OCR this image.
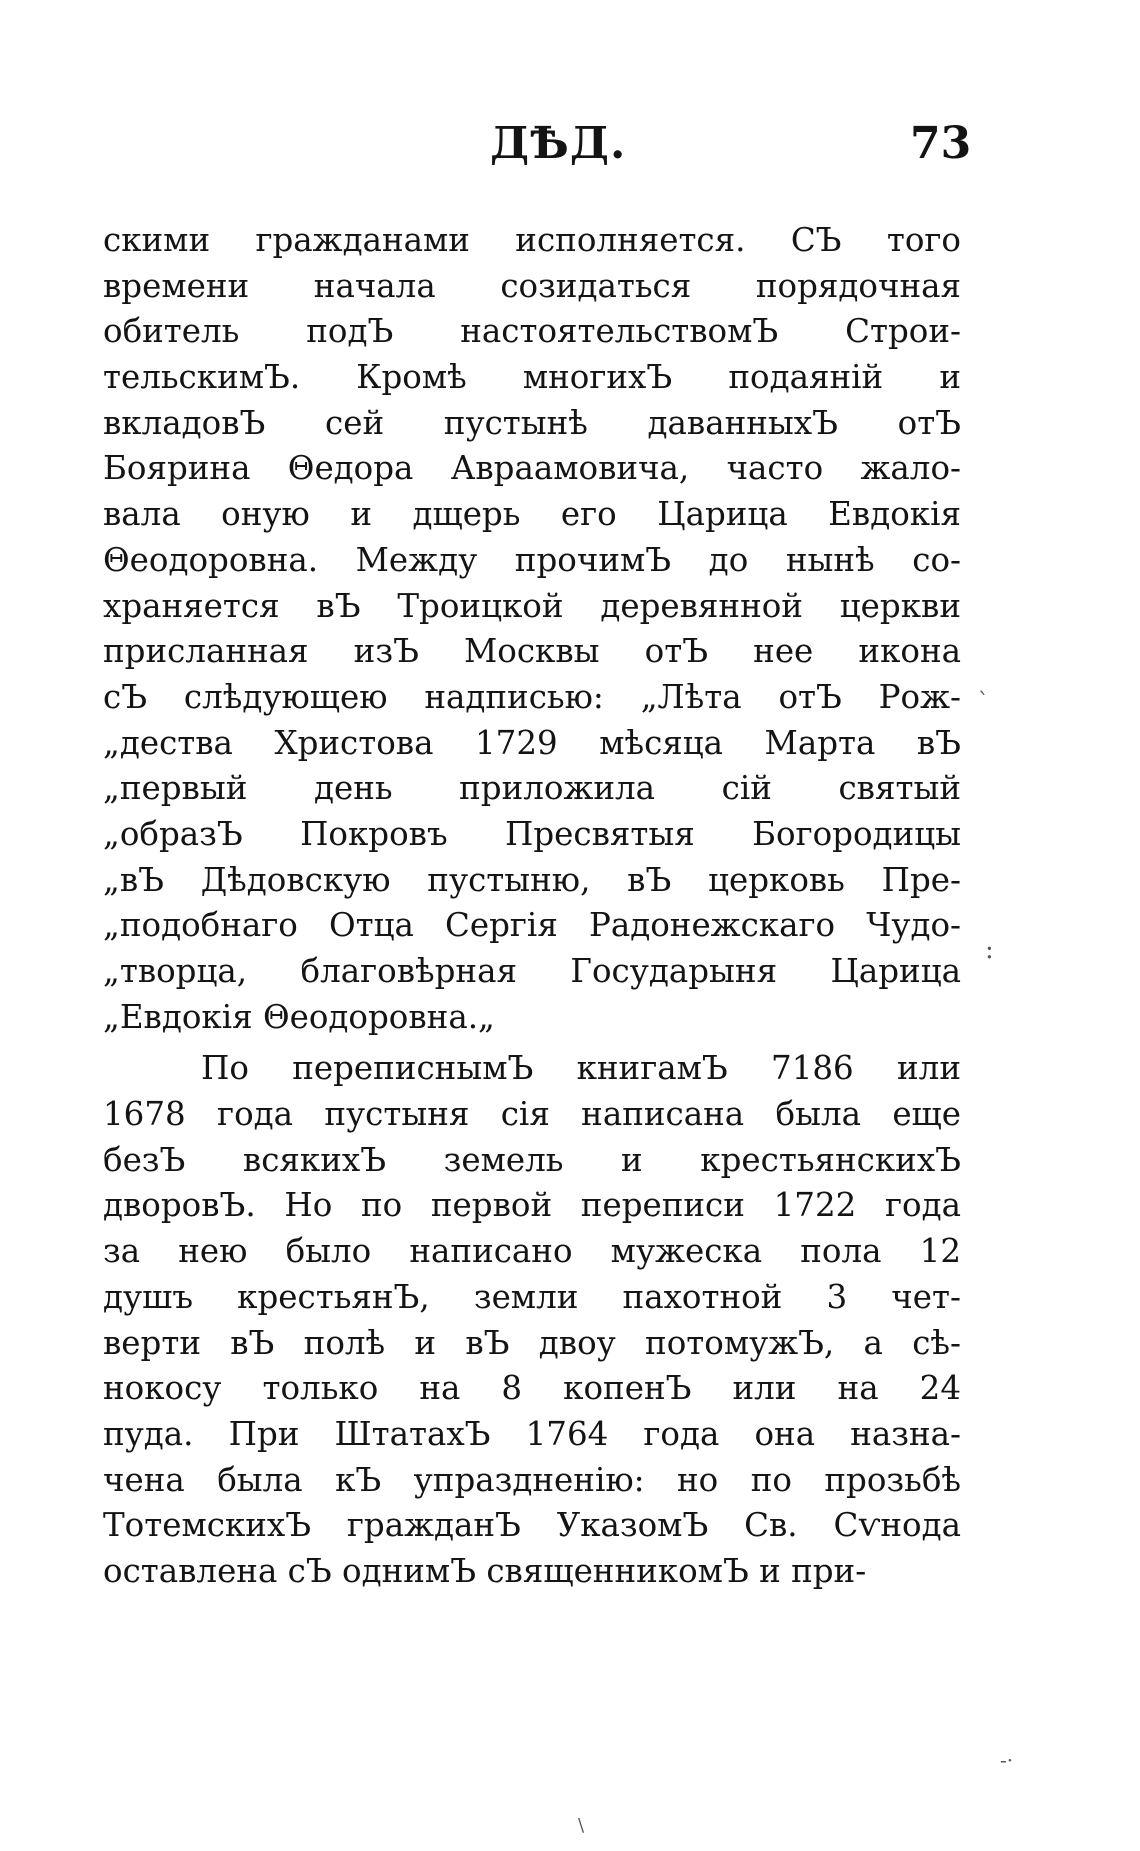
ДѢД.	73
скими гражданами исполняется. СЪ того
времени начала созидаться порядочная
обитель подЪ настоятельствомЪ Строи-
тельскимЪ. Кромѣ многихЪ подаяній и
вкладовЪ сей пустынѣ даванныхЪ отЪ
Боярина Θедора Авраамовича, часто жало-
вала оную и дщерь его Царица Евдокія
Θеодоровна. Между прочимЪ до нынѣ со-
храняется вЪ Троицкой деревянной церкви
присланная изЪ Москвы отЪ нее икона
сЪ слѣдующею надписью: „Лѣта отЪ Рож-
„дества Христова 1729 мѣсяца Марта вЪ
„первый день приложила сій святый
„образЪ Покровъ Пресвятыя Богородицы
„вЪ Дѣдовскую пустыню, вЪ церковь Пре-
„подобнаго Отца Сергія Радонежскаго Чудо-
„творца, благовѣрная Государыня Царица
„Евдокія Θеодоровна.„
По переписнымЪ книгамЪ 7186 или
1678 года пустыня сія написана была еще
безЪ всякихЪ земель и крестьянскихЪ
дворовЪ. Но по первой переписи 1722 года
за нею было написано мужеска пола 12
душъ крестьянЪ, земли пахотной 3 чет-
верти вЪ полѣ и вЪ двоу потомужЪ, а сѣ-
нокосу только на 8 копенЪ или на 24
пуда. При ШтатахЪ 1764 года она назна-
чена была кЪ упраздненію: но по прозьбѣ
ТотемскихЪ гражданЪ УказомЪ Св. Сѵнода
оставлена сЪ однимЪ священникомЪ и при-
`
:
-·
\
